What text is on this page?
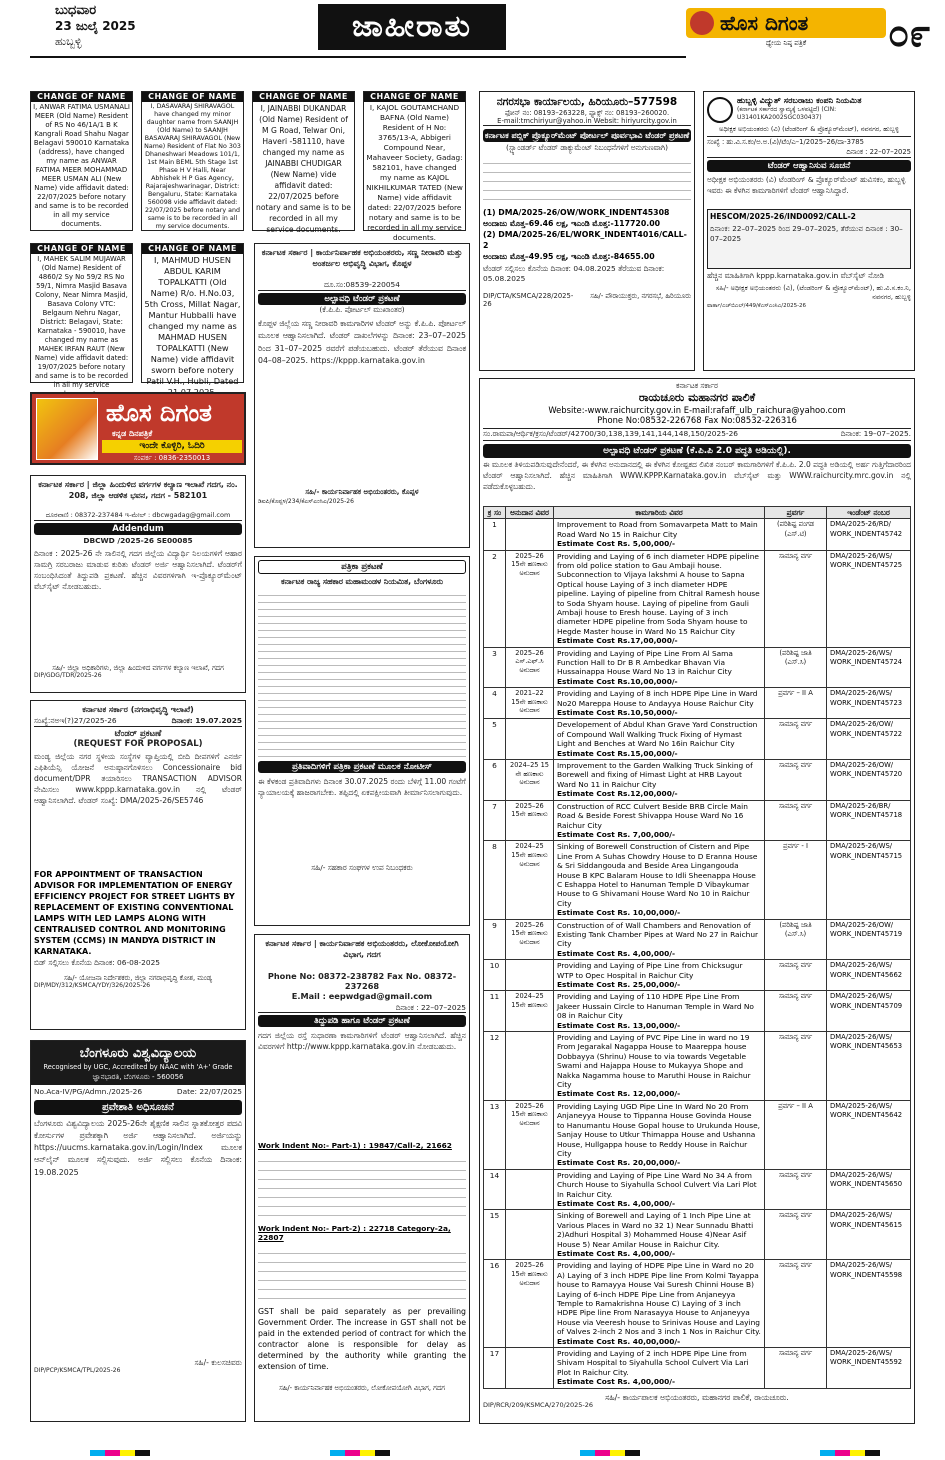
ಬುಧವಾರ
23 ಜುಲೈ 2025
ಹುಬ್ಬಳ್ಳಿ	ಜಾಹೀರಾತು	ಹೊಸ ದಿಗಂತ
ಧ್ಯೇಯ ನಿಷ್ಠ ಪತ್ರಿಕೆ	೦೯
CHANGE OF NAME
I, ANWAR FATIMA USMANALI MEER (Old Name) Resident of RS No 46/1A/1 B K Kangrali Road Shahu Nagar Belagavi 590010 Karnataka (address), have changed my name as ANWAR FATIMA MEER MOHAMMAD MEER USMAN ALI (New Name) vide affidavit dated: 22/07/2025 before notary and same is to be recorded in all my service documents.
CHANGE OF NAME
I, DASAVARAJ SHIRAVAGOL have changed my minor daughter name from SAANJH (Old Name) to SAANJH BASAVARAJ SHIRAVAGOL (New Name) Resident of Flat No 303 Dhaneshwari Meadows 101/1, 1st Main BEML 5th Stage 1st Phase H V Halli, Near Abhishek H P Gas Agency, Rajarajeshwarinagar, District: Bengaluru, State: Karnataka 560098 vide affidavit dated: 22/07/2025 before notary and same is to be recorded in all my service documents.
CHANGE OF NAME
I, JAINABBI DUKANDAR (Old Name) Resident of M G Road, Telwar Oni, Haveri -581110, have changed my name as JAINABBI CHUDIGAR (New Name) vide affidavit dated: 22/07/2025 before notary and same is to be recorded in all my service documents.
CHANGE OF NAME
I, KAJOL GOUTAMCHAND BAFNA (Old Name) Resident of H No: 3765/13-A, Abbigeri Compound Near, Mahaveer Society, Gadag: 582101, have changed my name as KAJOL NIKHILKUMAR TATED (New Name) vide affidavit dated: 22/07/2025 before notary and same is to be recorded in all my service documents.
CHANGE OF NAME
I, MAHEK SALIM MUJAWAR (Old Name) Resident of 4860/2 Sy No 59/2 RS No 59/1, Nimra Masjid Basava Colony, Near Nimra Masjid, Basava Colony VTC: Belgaum Nehru Nagar, District: Belagavi, State: Karnataka - 590010, have changed my name as MAHEK IRFAN RAUT (New Name) vide affidavit dated: 19/07/2025 before notary and same is to be recorded in all my service
CHANGE OF NAME
I, MAHMUD HUSEN ABDUL KARIM TOPALKATTI (Old Name) R/o. H.No.03, 5th Cross, Millat Nagar, Mantur Hubballi have changed my name as MAHMAD HUSEN TOPALKATTI (New Name) vide affidavit sworn before notery Patil V.H., Hubli, Dated
ಹೊಸ ದಿಗಂತ
ಕನ್ನಡ ದಿನಪತ್ರಿಕೆ
ಇಂದೇ ಕೊಳ್ಳಿರಿ, ಓದಿರಿ
ಸಂಪರ್ಕ : 0836-2350013
ಕರ್ನಾಟಕ ಸರ್ಕಾರ | ಜಿಲ್ಲಾ ಹಿಂದುಳಿದ ವರ್ಗಗಳ ಕಲ್ಯಾಣ ಇಲಾಖೆ ಗದಗ, ನಂ. 208, ಜಿಲ್ಲಾ ಆಡಳಿತ ಭವನ, ಗದಗ - 582101
ದೂರವಾಣಿ : 08372-237484 ಇ-ಮೇಲ್ : dbcwgadag@gmail.com
Addendum
DBCWD /2025-26 SE00085
ದಿನಾಂಕ : 2025-26 ನೇ ಸಾಲಿನಲ್ಲಿ ಗದಗ ಜಿಲ್ಲೆಯ ವಿದ್ಯಾರ್ಥಿ ನಿಲಯಗಳಿಗೆ ಆಹಾರ ಸಾಮಗ್ರಿ ಸರಬರಾಜು ಮಾಡುವ ಕುರಿತು ಟೆಂಡರ್ ಅರ್ಜಿ ಆಹ್ವಾನಿಸಲಾಗಿದೆ. ಟೆಂಡರ್‌ಗೆ ಸಂಬಂಧಿಸಿದಂತೆ ತಿದ್ದುಪಡಿ ಪ್ರಕಟಣೆ. ಹೆಚ್ಚಿನ ವಿವರಗಳಿಗಾಗಿ ಇ-ಪ್ರೊಕ್ಯೂರ್‌ಮೆಂಟ್ ವೆಬ್‌ಸೈಟ್ ನೋಡಬಹುದು.
ಸಹಿ/- ಜಿಲ್ಲಾ ಅಧಿಕಾರಿಗಳು, ಜಿಲ್ಲಾ ಹಿಂದುಳಿದ ವರ್ಗಗಳ ಕಲ್ಯಾಣ ಇಲಾಖೆ, ಗದಗ
DIP/GDG/TDR/2025-26
ಕರ್ನಾಟಕ ಸರ್ಕಾರ (ನಗರಾಭಿವೃದ್ಧಿ ಇಲಾಖೆ)
ಸಂಖ್ಯೆ:ನಅಇ(?)27/2025-26	ದಿನಾಂಕ: 19.07.2025
ಟೆಂಡರ್ ಪ್ರಕಟಣೆ
(REQUEST FOR PROPOSAL)
ಮಂಡ್ಯ ಜಿಲ್ಲೆಯ ನಗರ ಸ್ಥಳೀಯ ಸಂಸ್ಥೆಗಳ ವ್ಯಾಪ್ತಿಯಲ್ಲಿ ಬೀದಿ ದೀಪಗಳಿಗೆ ಎನರ್ಜಿ ಎಫಿಶಿಯೆನ್ಸಿ ಯೋಜನೆ ಅನುಷ್ಠಾನಗೊಳಿಸಲು Concessionaire bid document/DPR ತಯಾರಿಸಲು TRANSACTION ADVISOR ನೇಮಿಸಲು www.kppp.karnataka.gov.in ನಲ್ಲಿ ಟೆಂಡರ್ ಆಹ್ವಾನಿಸಲಾಗಿದೆ. ಟೆಂಡರ್ ಸಂಖ್ಯೆ: DMA/2025-26/SE5746
FOR APPOINTMENT OF TRANSACTION ADVISOR FOR IMPLEMENTATION OF ENERGY EFFICIENCY PROJECT FOR STREET LIGHTS BY REPLACEMENT OF EXISTING CONVENTIONAL LAMPS WITH LED LAMPS ALONG WITH CENTRALISED CONTROL AND MONITORING SYSTEM (CCMS) IN MANDYA DISTRICT IN KARNATAKA.
ಬಿಡ್ ಸಲ್ಲಿಸಲು ಕೊನೆಯ ದಿನಾಂಕ: 06-08-2025
ಸಹಿ/- ಯೋಜನಾ ನಿರ್ದೇಶಕರು, ಜಿಲ್ಲಾ ನಗರಾಭಿವೃದ್ಧಿ ಕೋಶ, ಮಂಡ್ಯ
DIP/MDY/312/KSMCA/YDY/326/2025-26
ಬೆಂಗಳೂರು ವಿಶ್ವವಿದ್ಯಾಲಯ
Recognised by UGC, Accredited by NAAC with 'A+' Grade
ಜ್ಞಾನಭಾರತಿ, ಬೆಂಗಳೂರು - 560056
No.Aca-IV/PG/Admn./2025-26	Date: 22/07/2025
ಪ್ರವೇಶಾತಿ ಅಧಿಸೂಚನೆ
ಬೆಂಗಳೂರು ವಿಶ್ವವಿದ್ಯಾಲಯ 2025-26ನೇ ಶೈಕ್ಷಣಿಕ ಸಾಲಿನ ಸ್ನಾತಕೋತ್ತರ ಪದವಿ ಕೋರ್ಸುಗಳ ಪ್ರವೇಶಕ್ಕಾಗಿ ಅರ್ಜಿ ಆಹ್ವಾನಿಸಲಾಗಿದೆ. ಅರ್ಜಿಯನ್ನು https://uucms.karnataka.gov.in/Login/Index ಮೂಲಕ ಆನ್‌ಲೈನ್ ಮೂಲಕ ಸಲ್ಲಿಸುವುದು. ಅರ್ಜಿ ಸಲ್ಲಿಸಲು ಕೊನೆಯ ದಿನಾಂಕ: 19.08.2025
ಸಹಿ/- ಕುಲಸಚಿವರು
DIP/PCP/KSMCA/TPL/2025-26
ಕರ್ನಾಟಕ ಸರ್ಕಾರ | ಕಾರ್ಯನಿರ್ವಾಹಕ ಅಭಿಯಂತರರು, ಸಣ್ಣ ನೀರಾವರಿ ಮತ್ತು ಅಂತರ್ಜಲ ಅಭಿವೃದ್ಧಿ ವಿಭಾಗ, ಕೊಪ್ಪಳ
ದೂ.ಸಂ:08539-220054
ಅಲ್ಪಾವಧಿ ಟೆಂಡರ್ ಪ್ರಕಟಣೆ
(ಕೆ.ಪಿ.ಪಿ. ಪೋರ್ಟಲ್ ಮುಖಾಂತರ)
ಕೊಪ್ಪಳ ಜಿಲ್ಲೆಯ ಸಣ್ಣ ನೀರಾವರಿ ಕಾಮಗಾರಿಗಳ ಟೆಂಡರ್ ಅನ್ನು ಕೆ.ಪಿ.ಪಿ. ಪೋರ್ಟಲ್ ಮೂಲಕ ಆಹ್ವಾನಿಸಲಾಗಿದೆ. ಟೆಂಡರ್ ದಾಖಲೆಗಳನ್ನು ದಿನಾಂಕ: 23–07–2025 ರಿಂದ 31–07–2025 ರವರೆಗೆ ಪಡೆಯಬಹುದು. ಟೆಂಡರ್ ತೆರೆಯುವ ದಿನಾಂಕ 04–08–2025. https://kppp.karnataka.gov.in
ಸಹಿ/- ಕಾರ್ಯನಿರ್ವಾಹಕ ಅಭಿಯಂತರರು, ಕೊಪ್ಪಳ
ಡಿಐಪಿ/ಕೊಪ್ಪಳ/234/ಕೆಎಸ್‌ಎಂಸಿಎ/2025-26
ಪತ್ರಿಕಾ ಪ್ರಕಟಣೆ
ಕರ್ನಾಟಕ ರಾಜ್ಯ ಸಹಕಾರ ಮಹಾಮಂಡಳ ನಿಯಮಿತ, ಬೆಂಗಳೂರು
ಪ್ರತಿವಾದಿಗಳಿಗೆ ಪತ್ರಿಕಾ ಪ್ರಕಟಣೆ ಮೂಲಕ ನೋಟೀಸ್
ಈ ಕೆಳಕಂಡ ಪ್ರತಿವಾದಿಗಳು ದಿನಾಂಕ 30.07.2025 ರಂದು ಬೆಳಿಗ್ಗೆ 11.00 ಗಂಟೆಗೆ ನ್ಯಾಯಾಲಯಕ್ಕೆ ಹಾಜರಾಗಬೇಕು. ತಪ್ಪಿದಲ್ಲಿ ಏಕಪಕ್ಷೀಯವಾಗಿ ತೀರ್ಮಾನಿಸಲಾಗುವುದು.
ಸಹಿ/- ಸಹಕಾರ ಸಂಘಗಳ ಉಪ ನಿಬಂಧಕರು
ಕರ್ನಾಟಕ ಸರ್ಕಾರ | ಕಾರ್ಯನಿರ್ವಾಹಕ ಅಭಿಯಂತರರು, ಲೋಕೋಪಯೋಗಿ ವಿಭಾಗ, ಗದಗ
Phone No: 08372-238782 Fax No. 08372-237268
E.Mail : eepwdgad@gmail.com
ದಿನಾಂಕ : 22–07–2025
ತಿದ್ದುಪಡಿ ಹಾಗೂ ಟೆಂಡರ್ ಪ್ರಕಟಣೆ
ಗದಗ ಜಿಲ್ಲೆಯ ರಸ್ತೆ ಸುಧಾರಣಾ ಕಾಮಗಾರಿಗಳಿಗೆ ಟೆಂಡರ್ ಆಹ್ವಾನಿಸಲಾಗಿದೆ. ಹೆಚ್ಚಿನ ವಿವರಗಳಿಗೆ http://www.kppp.karnataka.gov.in ನೋಡಬಹುದು.
Work Indent No:- Part-1) : 19847/Call-2, 21662
Work Indent No:- Part-2) : 22718 Category-2a, 22807
GST shall be paid separately as per prevailing Government Order. The increase in GST shall not be paid in the extended period of contract for which the contractor alone is responsible for delay as determined by the authority while granting the extension of time.
ಸಹಿ/- ಕಾರ್ಯನಿರ್ವಾಹಕ ಅಭಿಯಂತರರು, ಲೋಕೋಪಯೋಗಿ ವಿಭಾಗ, ಗದಗ
ನಗರಸಭಾ ಕಾರ್ಯಾಲಯ, ಹಿರಿಯೂರು–577598
ಫೋನ್ ನಂ: 08193–263228, ಫ್ಯಾಕ್ಸ್ ನಂ: 08193–260020.
E-mail:tmchiriyur@yahoo.in Websit: hiriyurcity.gov.in
ಕರ್ನಾಟಕ ಪಬ್ಲಿಕ್ ಪ್ರೊಕ್ಯೂರ್‌ಮೆಂಟ್ ಪೋರ್ಟಲ್ ಪೂರ್ವಭಾವಿ ಟೆಂಡರ್ ಪ್ರಕಟಣೆ
(ಸ್ಟ್ಯಾಂಡರ್ಡ್ ಟೆಂಡರ್ ಡಾಕ್ಯುಮೆಂಟ್ ನಿಬಂಧನೆಗಳಿಗೆ ಅನುಗುಣವಾಗಿ)
(1) DMA/2025-26/OW/WORK_INDENT45308
ಅಂದಾಜು ಮೊತ್ತ–69.46 ಲಕ್ಷ, ಇಎಂಡಿ ಮೊತ್ತ:-117720.00
(2) DMA/2025-26/EL/WORK_INDENT4016/CALL-2
ಅಂದಾಜು ಮೊತ್ತ–49.95 ಲಕ್ಷ, ಇಎಂಡಿ ಮೊತ್ತ:-84655.00
ಟೆಂಡರ್ ಸಲ್ಲಿಸಲು ಕೊನೆಯ ದಿನಾಂಕ: 04.08.2025 ತೆರೆಯುವ ದಿನಾಂಕ: 05.08.2025
DIP/CTA/KSMCA/228/2025-26
ಸಹಿ/- ಪೌರಾಯುಕ್ತರು, ನಗರಸಭೆ, ಹಿರಿಯೂರು
ಹುಬ್ಬಳ್ಳಿ ವಿದ್ಯುತ್ ಸರಬರಾಜು ಕಂಪನಿ ನಿಯಮಿತ
(ಕರ್ನಾಟಕ ಸರ್ಕಾರದ ಸ್ವಾಮ್ಯಕ್ಕೆ ಒಳಪಟ್ಟಿದೆ) (CIN: U31401KA2002SGC030437)
ಅಧೀಕ್ಷಕ ಅಭಿಯಂತರರು (ವಿ) (ಟೆಂಡರಿಂಗ್ & ಪ್ರೊಕ್ಯೂರ್‌ಮೆಂಟ್), ನವನಗರ, ಹುಬ್ಬಳ್ಳಿ
ಸಂಖ್ಯೆ : ಹು.ವಿ.ಸ.ಕಂ/ಅ.ಅ.(ವಿ)/ಟೆಂ/ಎ–1/2025–26/ದಾ-3785
ದಿನಾಂಕ : 22–07–2025
ಟೆಂಡರ್ ಆಹ್ವಾನಿಸುವ ಸೂಚನೆ
ಅಧೀಕ್ಷಕ ಅಭಿಯಂತರರು (ವಿ) ಟೆಂಡರಿಂಗ್ & ಪ್ರೊಕ್ಯೂರ್‌ಮೆಂಟ್ ಹುವಿಸಕಂ, ಹುಬ್ಬಳ್ಳಿ ಇವರು ಈ ಕೆಳಗಿನ ಕಾಮಗಾರಿಗಳಿಗೆ ಟೆಂಡರ್ ಆಹ್ವಾನಿಸಿದ್ದಾರೆ.
HESCOM/2025-26/IND0092/CALL-2
ದಿನಾಂಕ: 22–07–2025 ರಿಂದ 29–07–2025, ತೆರೆಯುವ ದಿನಾಂಕ : 30–07–2025
ಹೆಚ್ಚಿನ ಮಾಹಿತಿಗಾಗಿ kppp.karnataka.gov.in ವೆಬ್‌ಸೈಟ್ ನೋಡಿ
ಸಹಿ/- ಅಧೀಕ್ಷಕ ಅಭಿಯಂತರರು (ವಿ), (ಟೆಂಡರಿಂಗ್ & ಪ್ರೊಕ್ಯೂರ್‌ಮೆಂಟ್), ಹು.ವಿ.ಸ.ಕಂ.ನಿ, ನವನಗರ, ಹುಬ್ಬಳ್ಳಿ
ವಾರ್ತಾ/ಎಚ್‌ಬಿಎಲ್/449/ಕೆಎಸ್‌ಎಂಸಿಎ/2025-26
ಕರ್ನಾಟಕ ಸರ್ಕಾರ
ರಾಯಚೂರು ಮಹಾನಗರ ಪಾಲಿಕೆ
Website:-www.raichurcity.gov.in E-mail:rafaff_ulb_raichura@yahoo.com
Phone No:08532-226768 Fax No:08532-226316
ಸಂ.ರಾಮಪಾ/ಆರ್ಥಿಕ/ಕ್ರಸಂ/ಟೆಂಡರ್/42700/30,138,139,141,144,148,150/2025-26	ದಿನಾಂಕ: 19–07–2025.
ಅಲ್ಪಾವಧಿ ಟೆಂಡರ್ ಪ್ರಕಟಣೆ (ಕೆ.ಪಿ.ಪಿ 2.0 ಪದ್ಧತಿ ಅಡಿಯಲ್ಲಿ).
ಈ ಮೂಲಕ ತಿಳಿಯಪಡಿಸುವುದೇನೆಂದರೆ, ಈ ಕೆಳಗಿನ ಅನುದಾನದಲ್ಲಿ ಈ ಕೆಳಗಿನ ಕೋಷ್ಟಕದ ಲಿಖಿತ ನಂಬರ್ ಕಾಮಗಾರಿಗಳಿಗೆ ಕೆ.ಪಿ.ಪಿ. 2.0 ಪದ್ಧತಿ ಅಡಿಯಲ್ಲಿ ಅರ್ಹ ಗುತ್ತಿಗೆದಾರರಿಂದ ಟೆಂಡರ್ ಆಹ್ವಾನಿಸಲಾಗಿದೆ. ಹೆಚ್ಚಿನ ಮಾಹಿತಿಗಾಗಿ WWW.KPPP.Karnataka.gov.in ವೆಬ್‌ಸೈಟ್ ಮತ್ತು WWW.raichurcity.mrc.gov.in ನಲ್ಲಿ ಪಡೆದುಕೊಳ್ಳಬಹುದು.
ಕ್ರ ಸಂ	ಅನುದಾನ ವಿವರ	ಕಾಮಗಾರಿಯ ವಿವರ	ಪ್ರವರ್ಗ	ಇಂಡೆಂಟ್ ನಂಬರ
1		Improvement to Road from Somavarpeta Matt to Main Road Ward No 15 in Raichur City
Estimate Cost Rs. 5,00,000/-	(ಪರಿಶಿಷ್ಟ ಪಂಗಡ (ಎಸ್.ಟಿ)	DMA/2025-26/RD/ WORK_INDENT45742
2	2025–26 15ನೇ ಹಣಕಾಸು ಅನುದಾನ	Providing and Laying of 6 inch diameter HDPE pipeline from old police station to Gau Ambaji house. Subconnection to Vijaya lakshmi A house to Sapna Optical house Laying of 3 inch diameter HDPE pipeline. Laying of pipeline from Chitral Ramesh house to Soda Shyam house. Laying of pipeline from Gauli Ambaji house to Eresh house. Laying of 3 inch diameter HDPE pipeline from Soda Shyam house to Hegde Master house in Ward No 15 Raichur City
Estimate Cost Rs.17,00,000/-	ಸಾಮಾನ್ಯ ವರ್ಗ	DMA/2025-26/WS/ WORK_INDENT45725
3	2025–26 ಎಸ್.ಎಫ್.ಸಿ ಅನುದಾನ	Providing and Laying of Pipe Line From Al Sama Function Hall to Dr B R Ambedkar Bhavan Via Hussainappa House Ward No 13 in Raichur City
Estimate Cost Rs.10,00,000/-	(ಪರಿಶಿಷ್ಟ ಜಾತಿ (ಎಸ್.ಸಿ)	DMA/2025-26/WS/ WORK_INDENT45724
4	2021–22 15ನೇ ಹಣಕಾಸು ಅನುದಾನ	Providing and Laying of 8 inch HDPE Pipe Line in Ward No20 Mareppa House to Andayya House Raichur City
Estimate Cost Rs.10,50,000/-	ಪ್ರವರ್ಗ – II A	DMA/2025-26/WS/ WORK_INDENT45723
5		Developement of Abdul Khan Grave Yard Construction of Compound Wall Walking Truck Fixing of Hymast Light and Benches at Ward No 16in Raichur City
Estimate Cost Rs.15,00,000/-	ಸಾಮಾನ್ಯ ವರ್ಗ	DMA/2025-26/OW/ WORK_INDENT45722
6	2024–25 15 ನೇ ಹಣಕಾಸು ಅನುದಾನ	Improvement to the Garden Walking Truck Sinking of Borewell and fixing of Himast Light at HRB Layout Ward No 11 in Raichur City
Estimate Cost Rs.12,00,000/-	ಸಾಮಾನ್ಯ ವರ್ಗ	DMA/2025-26/OW/ WORK_INDENT45720
7	2025–26 15ನೇ ಹಣಕಾಸು	Construction of RCC Culvert Beside BRB Circle Main Road & Beside Forest Shivappa House Ward No 16 Raichur City
Estimate Cost Rs. 7,00,000/-	ಸಾಮಾನ್ಯ ವರ್ಗ	DMA/2025-26/BR/ WORK_INDENT45718
8	2024–25 15ನೇ ಹಣಕಾಸು ಅನುದಾನ	Sinking of Borewell Construction of Cistern and Pipe Line From A Suhas Chowdry House to D Eranna House & Sri Siddangouda and Beside Area Lingangouda House B KPC Balaram House to Idli Sheenappa House C Eshappa Hotel to Hanuman Temple D Vibaykumar House to G Shivamani House Ward No 10 in Raichur City
Estimate Cost Rs. 10,00,000/-	ಪ್ರವರ್ಗ - I	DMA/2025-26/WS/ WORK_INDENT45715
9	2025–26 15ನೇ ಹಣಕಾಸು ಅನುದಾನ	Construction of of Wall Chambers and Renovation of Existing Tank Chamber Pipes at Ward No 27 in Raichur City
Estimate Cost Rs. 4,00,000/-	(ಪರಿಶಿಷ್ಟ ಜಾತಿ (ಎಸ್.ಸಿ)	DMA/2025-26/OW/ WORK_INDENT45719
10		Providing and Laying of Pipe Line from Chicksugur WTP to Opec Hospital in Raichur City
Estimate Cost Rs. 25,00,000/-	ಸಾಮಾನ್ಯ ವರ್ಗ	DMA/2025-26/WS/ WORK_INDENT45662
11	2024–25 15ನೇ ಹಣಕಾಸು	Providing and Laying of 110 HDPE Pipe Line From Jakeer Hussain Circle to Hanuman Temple in Ward No 08 in Raichur City
Estimate Cost Rs. 13,00,000/-	ಸಾಮಾನ್ಯ ವರ್ಗ	DMA/2025-26/WS/ WORK_INDENT45709
12		Providing and Laying of PVC Pipe Line in ward no 19 From Jegarakal Nagappa House to Maareppa house Dobbayya (Shrinu) House to via towards Vegetable Swami and Hajappa House to Mukayya Shope and Nakka Nagamma house to Maruthi House in Raichur City
Estimate Cost Rs. 12,00,000/-	ಸಾಮಾನ್ಯ ವರ್ಗ	DMA/2025-26/WS/ WORK_INDENT45653
13	2025–26 15ನೇ ಹಣಕಾಸು ಅನುದಾನ	Providing Laying UGD Pipe Line In Ward No 20 From Anjaneyya House to Tippanna House Govinda House to Hanumantu House Gopal house to Urukunda House, Sanjay House to Utkur Thimappa House and Ushanna House, Hullgappa house to Reddy House in Raichur City
Estimate Cost Rs. 20,00,000/-	ಪ್ರವರ್ಗ – II A	DMA/2025-26/WS/ WORK_INDENT45642
14		Providing and Laying of Pipe Line Ward No 34 A from Church House to Siyahulla School Culvert Via Lari Plot In Raichur City.
Estimate Cost Rs. 4,00,000/-	ಸಾಮಾನ್ಯ ವರ್ಗ	DMA/2025-26/WS/ WORK_INDENT45650
15		Sinking of Borewell and Laying of 1 Inch Pipe Line at Various Places in Ward no 32 1) Near Sunnadu Bhatti 2)Adhuri Hospital 3) Mohammed House 4)Near Asif House 5) Near Amilar House in Raichur City.
Estimate Cost Rs. 4,00,000/-	ಸಾಮಾನ್ಯ ವರ್ಗ	DMA/2025-26/WS/ WORK_INDENT45615
16	2025–26 15ನೇ ಹಣಕಾಸು ಅನುದಾನ	Providing and laying of HDPE Pipe Line in Ward no 20 A) Laying of 3 inch HDPE Pipe line From Kolmi Tayappa house to Ramayya House Vai Suresh Chinni House B) Laying of 6-inch HDPE Pipe Line from Anjaneyya Temple to Ramakrishna House C) Laying of 3 inch HDPE Pipe line From Narasayya House to Anjaneyya House via Veeresh house to Srinivas House and Laying of Valves 2-inch 2 Nos and 3 inch 1 Nos in Raichur City.
Estimate Cost Rs. 40,00,000/-	ಸಾಮಾನ್ಯ ವರ್ಗ	DMA/2025-26/WS/ WORK_INDENT45598
17		Providing and Laying of 2 inch HDPE Pipe Line from Shivam Hospital to Siyahulla School Culvert Via Lari Plot In Raichur City.
Estimate Cost Rs. 4,00,000/-	ಸಾಮಾನ್ಯ ವರ್ಗ	DMA/2025-26/WS/ WORK_INDENT45592
ಸಹಿ/- ಕಾರ್ಯಪಾಲಕ ಅಭಿಯಂತರರು, ಮಹಾನಗರ ಪಾಲಿಕೆ, ರಾಯಚೂರು.
DIP/RCR/209/KSMCA/270/2025-26
